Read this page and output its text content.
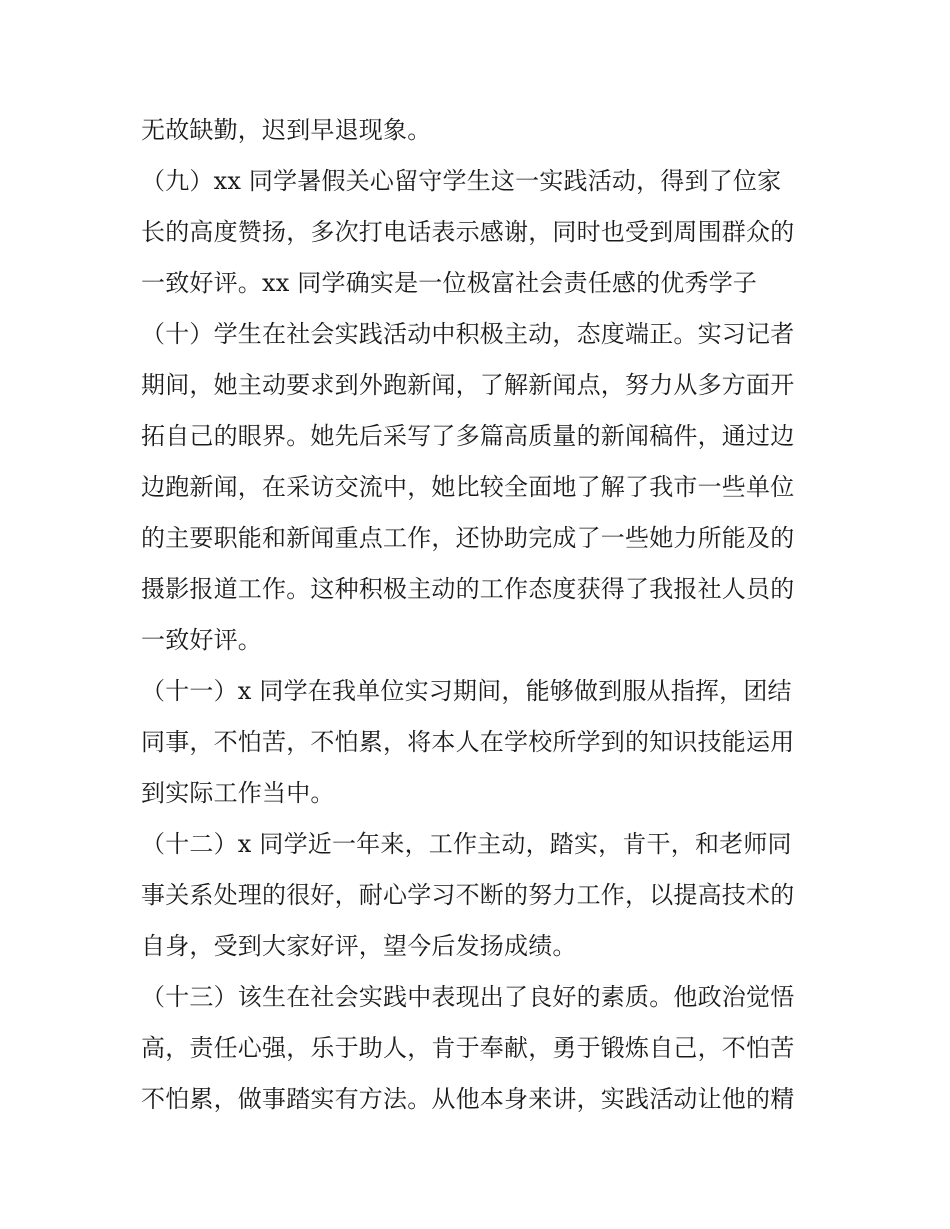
无故缺勤，迟到早退现象。
（九）xx 同学暑假关心留守学生这一实践活动，得到了位家
长的高度赞扬，多次打电话表示感谢，同时也受到周围群众的
一致好评。xx 同学确实是一位极富社会责任感的优秀学子
（十）学生在社会实践活动中积极主动，态度端正。实习记者
期间，她主动要求到外跑新闻，了解新闻点，努力从多方面开
拓自己的眼界。她先后采写了多篇高质量的新闻稿件，通过边
边跑新闻，在采访交流中，她比较全面地了解了我市一些单位
的主要职能和新闻重点工作，还协助完成了一些她力所能及的
摄影报道工作。这种积极主动的工作态度获得了我报社人员的
一致好评。
（十一）x 同学在我单位实习期间，能够做到服从指挥，团结
同事，不怕苦，不怕累，将本人在学校所学到的知识技能运用
到实际工作当中。
（十二）x 同学近一年来，工作主动，踏实，肯干，和老师同
事关系处理的很好，耐心学习不断的努力工作，以提高技术的
自身，受到大家好评，望今后发扬成绩。
（十三）该生在社会实践中表现出了良好的素质。他政治觉悟
高，责任心强，乐于助人，肯于奉献，勇于锻炼自己，不怕苦
不怕累，做事踏实有方法。从他本身来讲，实践活动让他的精
